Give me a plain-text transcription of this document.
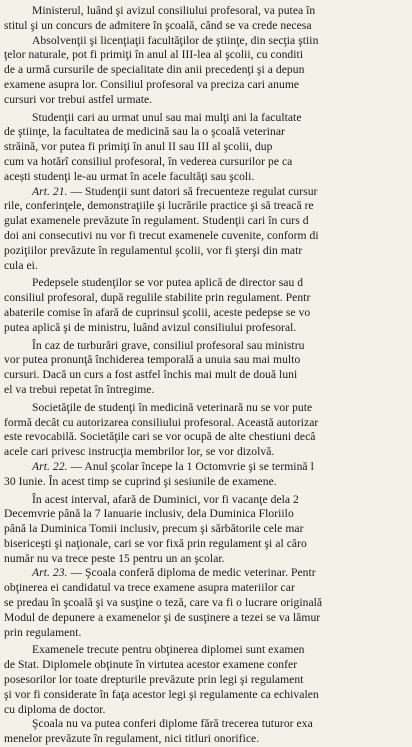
Ministerul, luând şi avizul consiliului profesoral, va putea în
stitul şi un concurs de admitere în şcoală, când se va crede necesa
Absolvenţii şi licenţiaţii facultăţilor de ştiinţe, din secţia ştiin
ţelor naturale, pot fi primiţi în anul al III-lea al şcolii, cu conditi
de a urmă cursurile de specialitate din anii precedenţi şi a depun
examene asupra lor. Consiliul profesoral va preciza cari anume
cursuri vor trebui astfel urmate.
Studenţii cari au urmat unul sau mai mulţi ani la facultate
de ştiinţe, la facultatea de medicină sau la o şcoală veterinar
străină, vor putea fi primiţi în anul II sau III al şcolii, dup
cum va hotărî consiliul profesoral, în vederea cursurilor pe ca
acești studenţi le-au urmat în acele facultăţi sau şcoli.
Art. 21. — Studenţii sunt datori să frecuenteze regulat cursur
rile, conferinţele, demonstraţiile şi lucrările practice şi să treacă re
gulat examenele prevăzute în regulament. Studenţii cari în curs d
doi ani consecutivi nu vor fi trecut examenele cuvenite, conform di
poziţiilor prevăzute în regulamentul şcolii, vor fi şterşi din matr
cula ei.
Pedepsele studenţilor se vor putea aplică de director sau d
consiliul profesoral, după regulile stabilite prin regulament. Pentr
abaterile comise în afară de cuprinsul şcolii, aceste pedepse se vo
putea aplică şi de ministru, luând avizul consiliului profesoral.
În caz de turburări grave, consiliul profesoral sau ministru
vor putea pronunţă închiderea temporală a unuia sau mai multo
cursuri. Dacă un curs a fost astfel închis mai mult de două luni
el va trebui repetat în întregime.
Societăţile de studenţi în medicină veterinară nu se vor pute
formă decât cu autorizarea consiliului profesoral. Această autorizar
este revocabilă. Societăţile cari se vor ocupă de alte chestiuni decâ
acele cari privesc instrucţia membrilor lor, se vor dizolvă.
Art. 22. — Anul şcolar începe la 1 Octomvrie şi se termină l
30 Iunie. În acest timp se cuprind şi sesiunile de examene.
În acest interval, afară de Duminici, vor fi vacanţe dela 2
Decemvrie până la 7 Ianuarie inclusiv, dela Duminica Floriilo
până la Duminica Tomii inclusiv, precum şi sărbătorile cele mar
bisericeşti şi naţionale, cari se vor fixă prin regulament şi al căro
număr nu va trece peste 15 pentru un an şcolar.
Art. 23. — Şcoala conferă diploma de medic veterinar. Pentr
obţinerea ei candidatul va trece examene asupra materiilor car
se predau în şcoală şi va susţine o teză, care va fi o lucrare originală
Modul de depunere a examenelor şi de susţinere a tezei se va lămur
prin regulament.
Examenele trecute pentru obţinerea diplomei sunt examen
de Stat. Diplomele obţinute în virtutea acestor examene confer
posesorilor lor toate drepturile prevăzute prin legi şi regulament
şi vor fi considerate în faţa acestor legi şi regulamente ca echivalen
cu diploma de doctor.
Şcoala nu va putea conferi diplome fără trecerea tuturor exa
menelor prevăzute în regulament, nici titluri onorifice.
